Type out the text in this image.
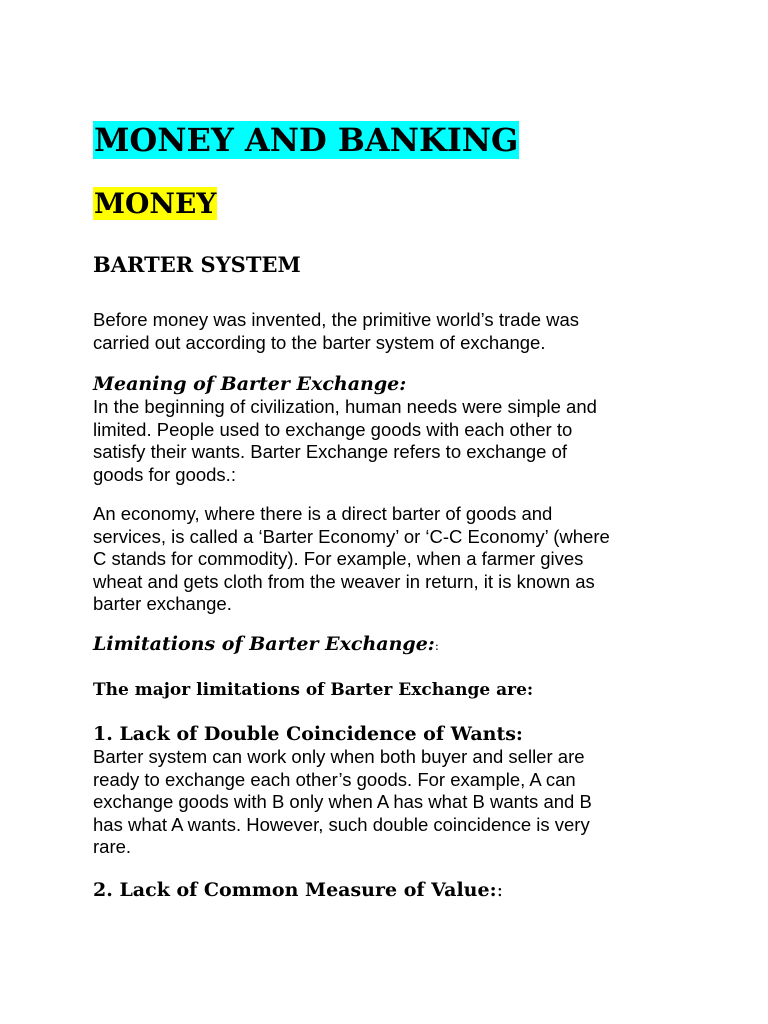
MONEY AND BANKING
MONEY
BARTER SYSTEM

Before money was invented, the primitive world’s trade was
carried out according to the barter system of exchange.

Meaning of Barter Exchange:

In the beginning of civilization, human needs were simple and
limited. People used to exchange goods with each other to
satisfy their wants. Barter Exchange refers to exchange of
goods for goods.:

An economy, where there is a direct barter of goods and
services, is called a ‘Barter Economy’ or ‘C-C Economy’ (where
C stands for commodity). For example, when a farmer gives
wheat and gets cloth from the weaver in return, it is known as
barter exchange.

Limitations of Barter Exchange::
The major limitations of Barter Exchange are:
1. Lack of Double Coincidence of Wants:

Barter system can work only when both buyer and seller are
ready to exchange each other’s goods. For example, A can
exchange goods with B only when A has what B wants and B
has what A wants. However, such double coincidence is very
rare.

2. Lack of Common Measure of Value::
